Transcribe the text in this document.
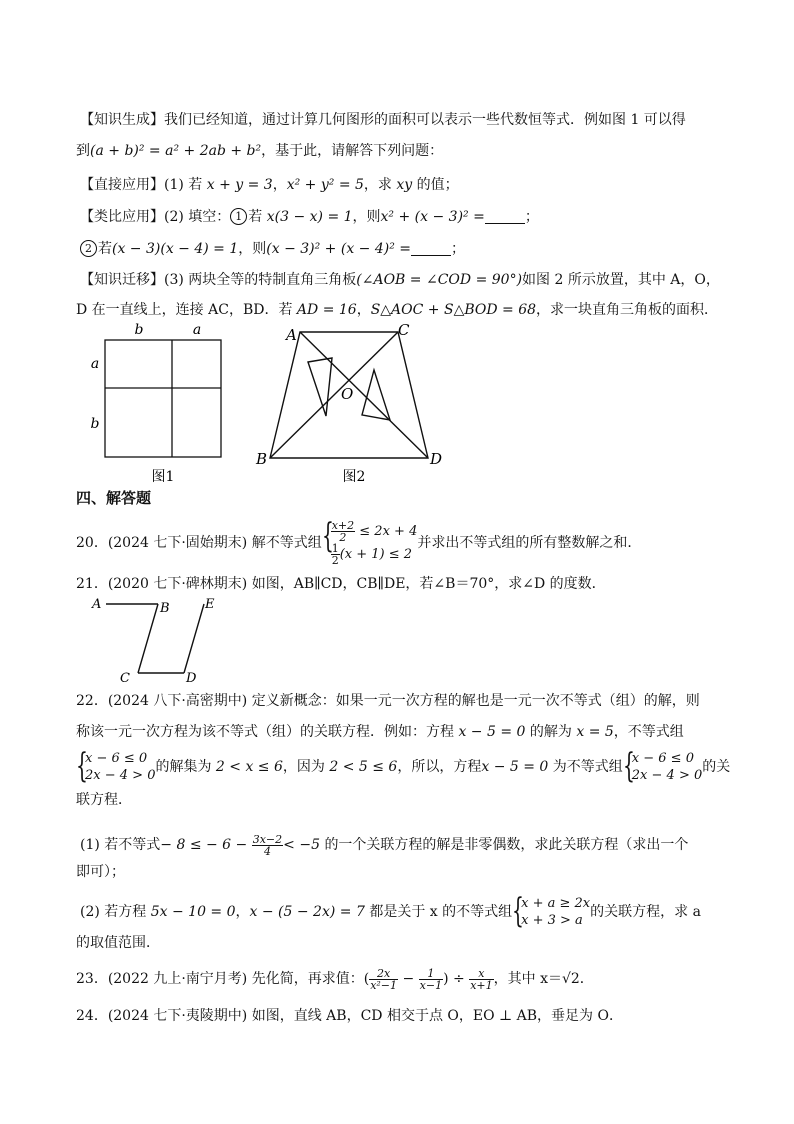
【知识生成】我们已经知道，通过计算几何图形的面积可以表示一些代数恒等式．例如图 1 可以得
到(a + b)² = a² + 2ab + b²，基于此，请解答下列问题：
【直接应用】(1) 若 x + y = 3，x² + y² = 5，求 xy 的值；
【类比应用】(2) 填空： 1 若 x(3 − x) = 1，则x² + (x − 3)² =	；
2 若(x − 3)(x − 4) = 1，则(x − 3)² + (x − 4)² =	；
【知识迁移】(3) 两块全等的特制直角三角板(∠AOB = ∠COD = 90°)如图 2 所示放置，其中 A，O，
D 在一直线上，连接 AC，BD．若 AD = 16，S△AOC + S△BOD = 68，求一块直角三角板的面积．
b	a
a
b
图1
A	C
O
B	D
图2
四、解答题
20．(2024 七下·固始期末) 解不等式组 {
$\frac{x+2}{2} \le 2x + 4$
$\frac{1}{2} (x + 1) \le 2$
并求出不等式组的所有整数解之和．
21．(2020 七下·碑林期末) 如图，AB∥CD，CB∥DE，若∠B＝70°，求∠D 的度数．
A	B	E
C	D
22．(2024 八下·高密期中) 定义新概念：如果一元一次方程的解也是一元一次不等式（组）的解，则
称该一元一次方程为该不等式（组）的关联方程．例如：方程 x − 5 = 0 的解为 x = 5，不等式组
{
x − 6 ≤ 0
2x − 4 > 0
的解集为 2 < x ≤ 6，因为 2 < 5 ≤ 6，所以，方程x − 5 = 0 为不等式组 {
x − 6 ≤ 0
2x − 4 > 0
的关
联方程．
(1) 若不等式− 8 ≤ − $6 - \frac{3x-2}{4} < -5$ 的一个关联方程的解是非零偶数，求此关联方程（求出一个
即可）；
(2) 若方程 5x − 10 = 0，x − (5 − 2x) = 7 都是关于 x 的不等式组 {
x + a ≥ 2x
x + 3 > a
的关联方程，求 a
的取值范围．
23．(2022 九上·南宁月考) 先化简，再求值：( $\frac{2x}{\text{x²−1}} - \frac{1}{x-1}$ ) ÷ $\frac{x}{x+1}$ ，其中 x＝√2．
24．(2024 七下·夷陵期中) 如图，直线 AB，CD 相交于点 O，EO ⊥ AB，垂足为 O．
